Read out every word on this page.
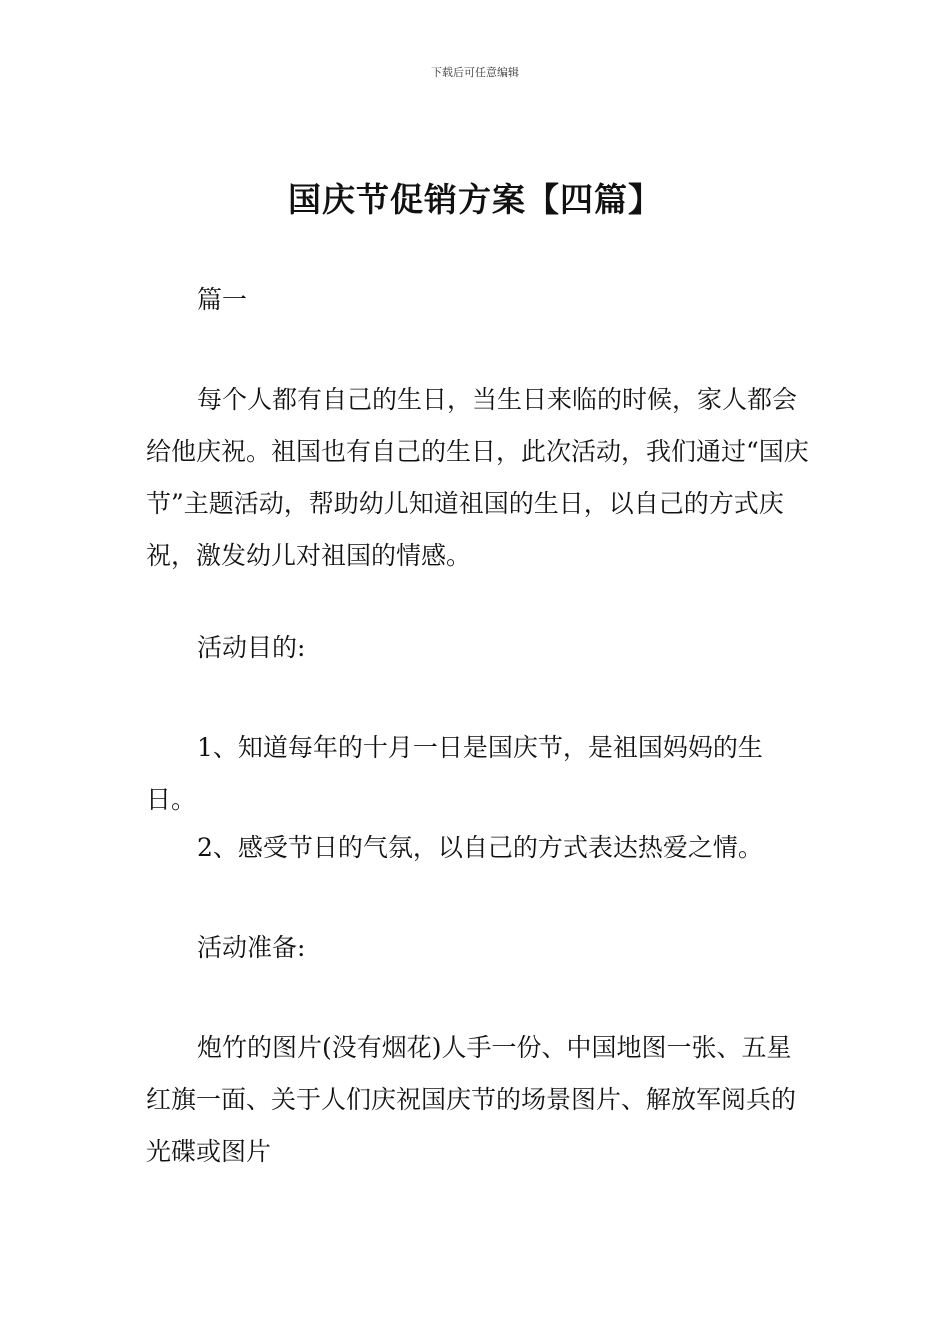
下载后可任意编辑
国庆节促销方案【四篇】

篇一

每个人都有自己的生日，当生日来临的时候，家人都会给他庆祝。祖国也有自己的生日，此次活动，我们通过“国庆节”主题活动，帮助幼儿知道祖国的生日，以自己的方式庆祝，激发幼儿对祖国的情感。

活动目的:

1、知道每年的十月一日是国庆节，是祖国妈妈的生日。

2、感受节日的气氛，以自己的方式表达热爱之情。

活动准备:

炮竹的图片(没有烟花)人手一份、中国地图一张、五星红旗一面、关于人们庆祝国庆节的场景图片、解放军阅兵的光碟或图片
